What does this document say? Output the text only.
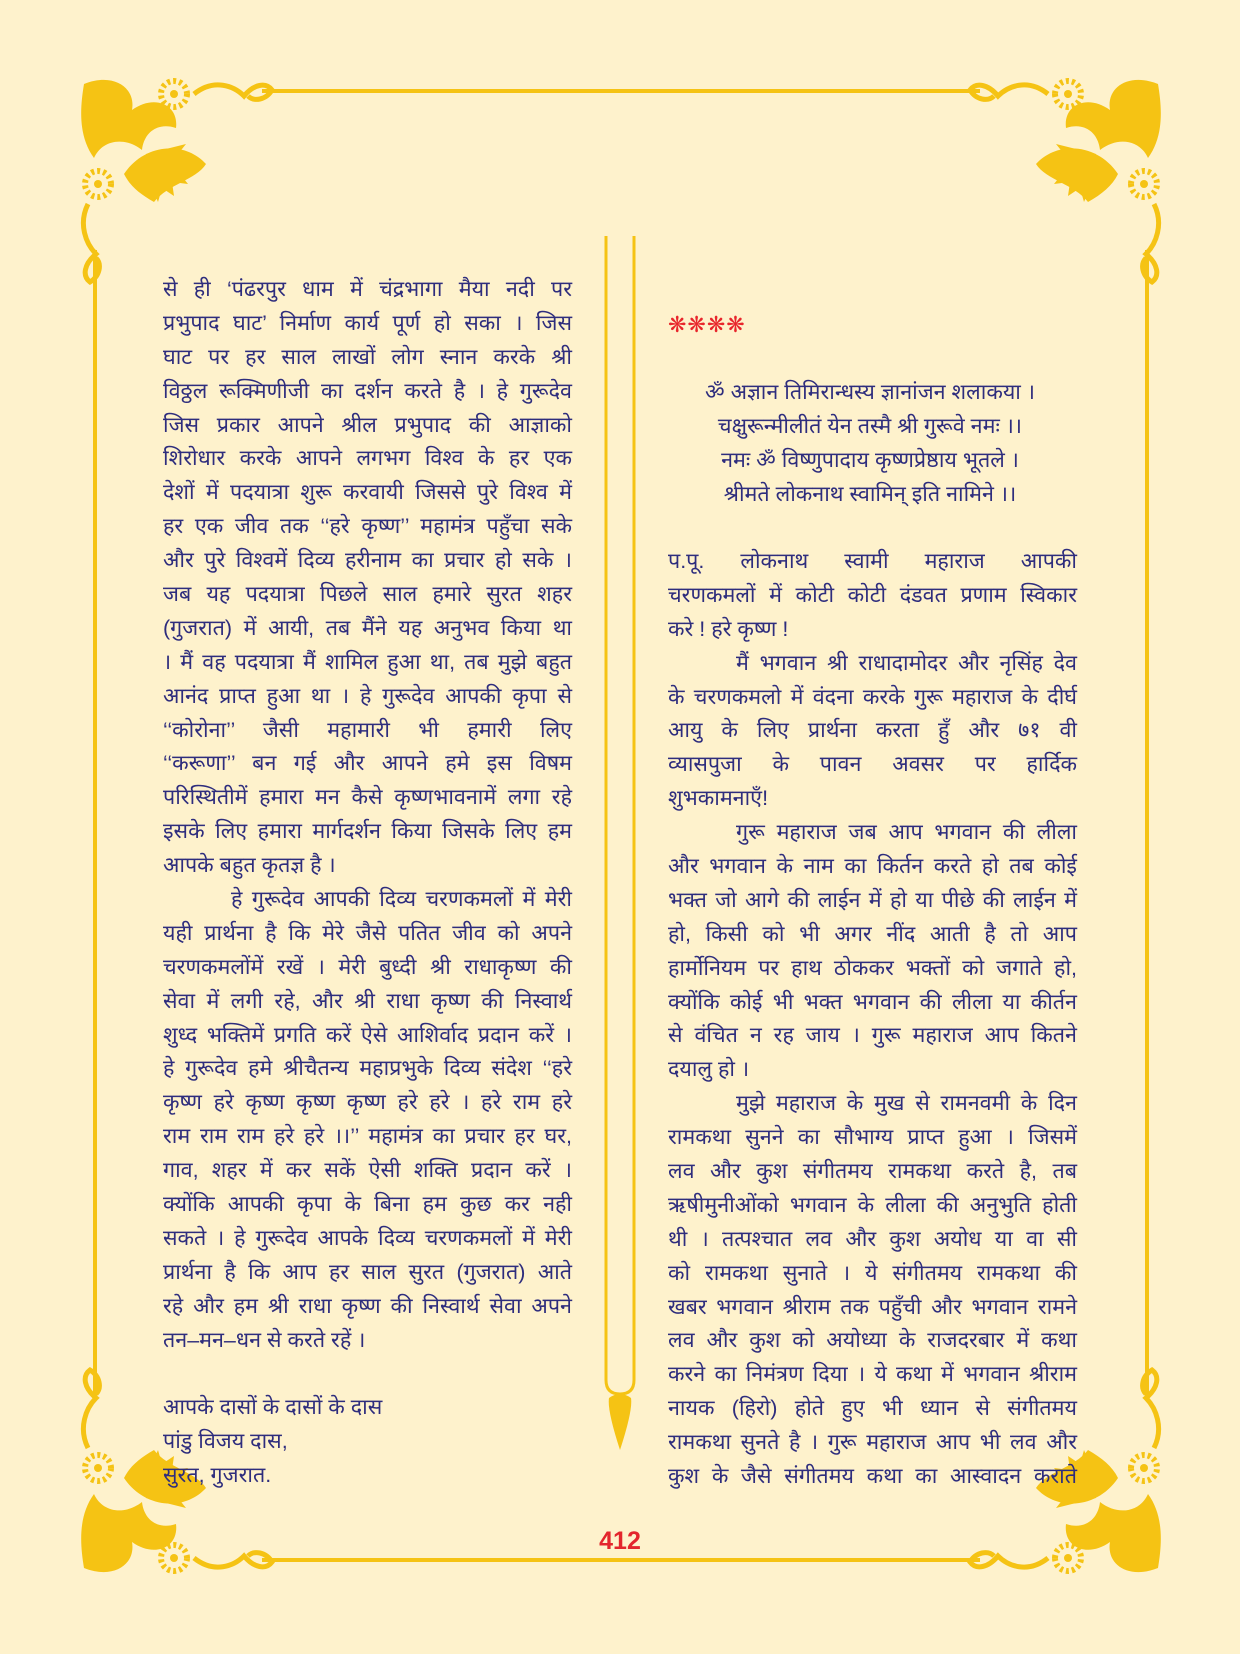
से ही ‘पंढरपुर धाम में चंद्रभागा मैया नदी पर
प्रभुपाद घाट’ निर्माण कार्य पूर्ण हो सका । जिस
घाट पर हर साल लाखों लोग स्नान करके श्री
विठ्ठल रूक्मिणीजी का दर्शन करते है । हे गुरूदेव
जिस प्रकार आपने श्रील प्रभुपाद की आज्ञाको
शिरोधार करके आपने लगभग विश्व के हर एक
देशों में पदयात्रा शुरू करवायी जिससे पुरे विश्व में
हर एक जीव तक ‘‘हरे कृष्ण’’ महामंत्र पहुँचा सके
और पुरे विश्वमें दिव्य हरीनाम का प्रचार हो सके ।
जब यह पदयात्रा पिछले साल हमारे सुरत शहर
(गुजरात) में आयी, तब मैंने यह अनुभव किया था
। मैं वह पदयात्रा मैं शामिल हुआ था, तब मुझे बहुत
आनंद प्राप्त हुआ था । हे गुरूदेव आपकी कृपा से
‘‘कोरोना’’ जैसी महामारी भी हमारी लिए
‘‘करूणा’’ बन गई और आपने हमे इस विषम
परिस्थितीमें हमारा मन कैसे कृष्णभावनामें लगा रहे
इसके लिए हमारा मार्गदर्शन किया जिसके लिए हम
आपके बहुत कृतज्ञ है ।
हे गुरूदेव आपकी दिव्य चरणकमलों में मेरी
यही प्रार्थना है कि मेरे जैसे पतित जीव को अपने
चरणकमलोंमें रखें । मेरी बुध्दी श्री राधाकृष्ण की
सेवा में लगी रहे, और श्री राधा कृष्ण की निस्वार्थ
शुध्द भक्तिमें प्रगति करें ऐसे आशिर्वाद प्रदान करें ।
हे गुरूदेव हमे श्रीचैतन्य महाप्रभुके दिव्य संदेश ‘‘हरे
कृष्ण हरे कृष्ण कृष्ण कृष्ण हरे हरे । हरे राम हरे
राम राम राम हरे हरे ।।’’ महामंत्र का प्रचार हर घर,
गाव, शहर में कर सकें ऐसी शक्ति प्रदान करें ।
क्योंकि आपकी कृपा के बिना हम कुछ कर नही
सकते । हे गुरूदेव आपके दिव्य चरणकमलों में मेरी
प्रार्थना है कि आप हर साल सुरत (गुजरात) आते
रहे और हम श्री राधा कृष्ण की निस्वार्थ सेवा अपने
तन–मन–धन से करते रहें ।
आपके दासों के दासों के दास
पांडु विजय दास,
सुरत, गुजरात.
❋❋❋❋
ॐ अज्ञान तिमिरान्धस्य ज्ञानांजन शलाकया ।
चक्षुरून्मीलीतं येन तस्मै श्री गुरूवे नमः ।।
नमः ॐ विष्णुपादाय कृष्णप्रेष्ठाय भूतले ।
श्रीमते लोकनाथ स्वामिन् इति नामिने ।।
प.पू. लोकनाथ स्वामी महाराज आपकी
चरणकमलों में कोटी कोटी दंडवत प्रणाम स्विकार
करे ! हरे कृष्ण !
मैं भगवान श्री राधादामोदर और नृसिंह देव
के चरणकमलो में वंदना करके गुरू महाराज के दीर्घ
आयु के लिए प्रार्थना करता हुँ और ७१ वी
व्यासपुजा के पावन अवसर पर हार्दिक
शुभकामनाएँ!
गुरू महाराज जब आप भगवान की लीला
और भगवान के नाम का किर्तन करते हो तब कोई
भक्त जो आगे की लाईन में हो या पीछे की लाईन में
हो, किसी को भी अगर नींद आती है तो आप
हार्मोनियम पर हाथ ठोककर भक्तों को जगाते हो,
क्योंकि कोई भी भक्त भगवान की लीला या कीर्तन
से वंचित न रह जाय । गुरू महाराज आप कितने
दयालु हो ।
मुझे महाराज के मुख से रामनवमी के दिन
रामकथा सुनने का सौभाग्य प्राप्त हुआ । जिसमें
लव और कुश संगीतमय रामकथा करते है, तब
ऋषीमुनीओंको भगवान के लीला की अनुभुति होती
थी । तत्पश्चात लव और कुश अयोध या वा सी
को रामकथा सुनाते । ये संगीतमय रामकथा की
खबर भगवान श्रीराम तक पहुँची और भगवान रामने
लव और कुश को अयोध्या के राजदरबार में कथा
करने का निमंत्रण दिया । ये कथा में भगवान श्रीराम
नायक (हिरो) होते हुए भी ध्यान से संगीतमय
रामकथा सुनते है । गुरू महाराज आप भी लव और
कुश के जैसे संगीतमय कथा का आस्वादन कराते
412
